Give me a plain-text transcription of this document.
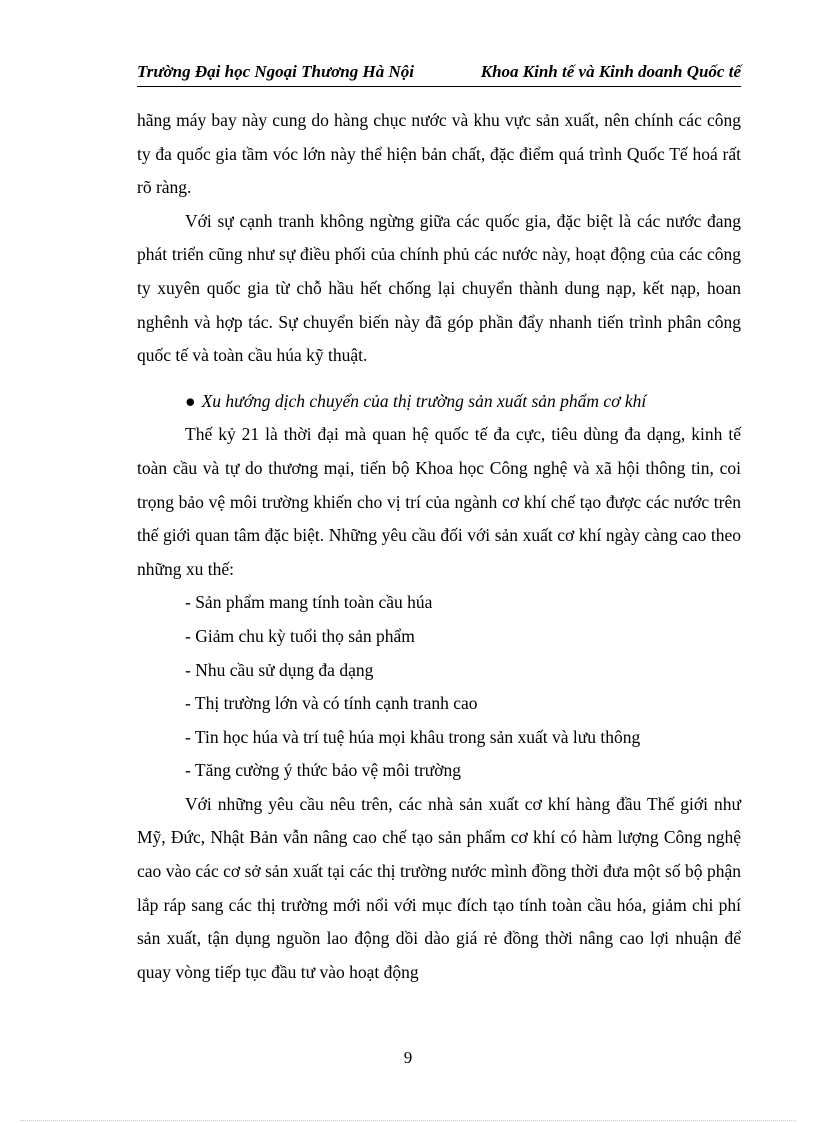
Trường Đại học Ngoại Thương Hà Nội	Khoa Kinh tế và Kinh doanh Quốc tế

hãng máy bay này cung do hàng chục nước và khu vực sản xuất, nên chính các công ty đa quốc gia tầm vóc lớn này thể hiện bản chất, đặc điểm quá trình Quốc Tế hoá rất rõ ràng.

Với sự cạnh tranh không ngừng giữa các quốc gia, đặc biệt là các nước đang phát triển cũng như sự điều phối của chính phủ các nước này, hoạt động của các công ty xuyên quốc gia từ chỗ hầu hết chống lại chuyển thành dung nạp, kết nạp, hoan nghênh và hợp tác. Sự chuyển biến này đã góp phần đẩy nhanh tiến trình phân công quốc tế và toàn cầu húa kỹ thuật.

● Xu hướng dịch chuyển của thị trường sản xuất sản phẩm cơ khí

Thế kỷ 21 là thời đại mà quan hệ quốc tế đa cực, tiêu dùng đa dạng, kinh tế toàn cầu và tự do thương mại, tiến bộ Khoa học Công nghệ và xã hội thông tin, coi trọng bảo vệ môi trường khiến cho vị trí của ngành cơ khí chế tạo được các nước trên thế giới quan tâm đặc biệt. Những yêu cầu đối với sản xuất cơ khí ngày càng cao theo những xu thế:

- Sản phẩm mang tính toàn cầu húa
- Giảm chu kỳ tuổi thọ sản phẩm
- Nhu cầu sử dụng đa dạng
- Thị trường lớn và có tính cạnh tranh cao
- Tin học húa và trí tuệ húa mọi khâu trong sản xuất và lưu thông
- Tăng cường ý thức bảo vệ môi trường

Với những yêu cầu nêu trên, các nhà sản xuất cơ khí hàng đầu Thế giới như Mỹ, Đức, Nhật Bản vẫn nâng cao chế tạo sản phẩm cơ khí có hàm lượng Công nghệ cao vào các cơ sở sản xuất tại các thị trường nước mình đồng thời đưa một số bộ phận lắp ráp sang các thị trường mới nổi với mục đích tạo tính toàn cầu hóa, giảm chi phí sản xuất, tận dụng nguồn lao động dồi dào giá rẻ đồng thời nâng cao lợi nhuận để quay vòng tiếp tục đầu tư vào hoạt động

9
